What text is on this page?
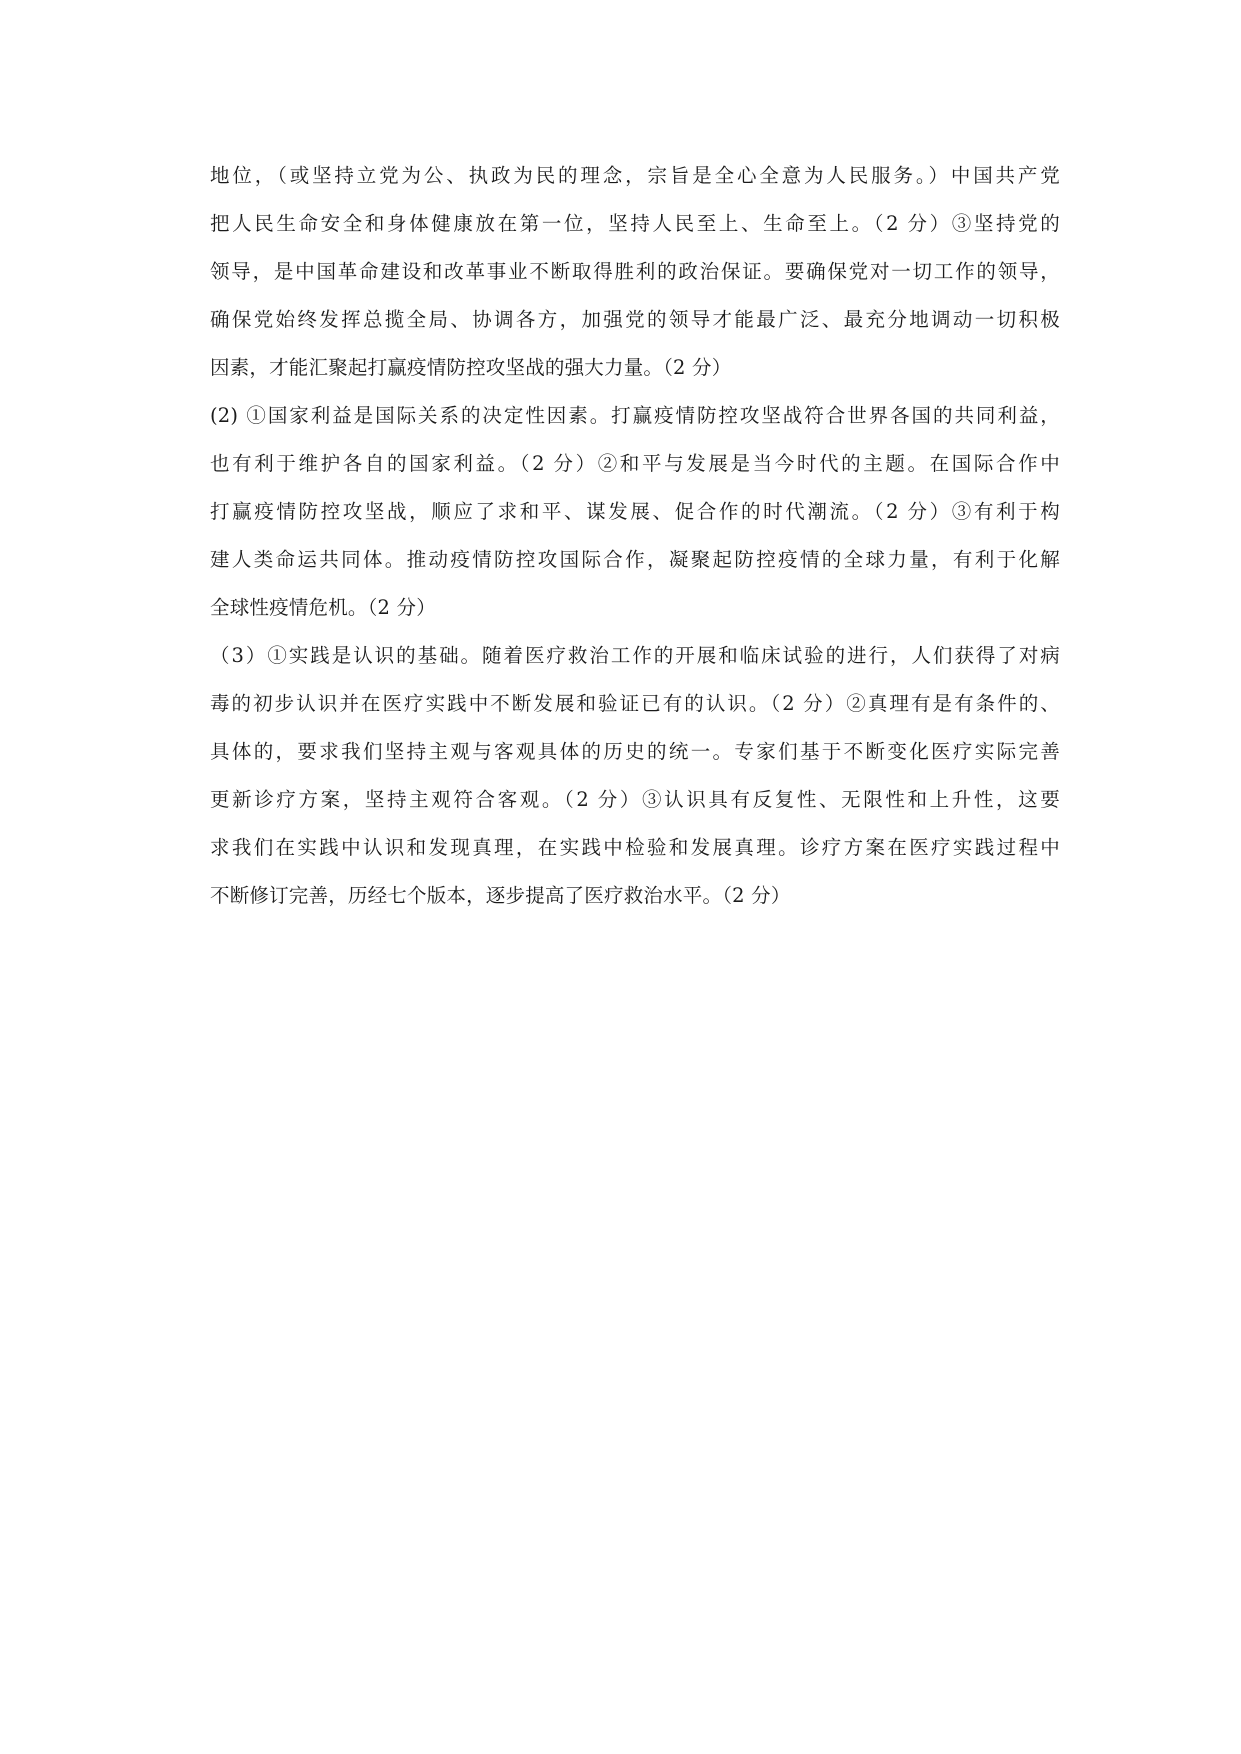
地位，（或坚持立党为公、执政为民的理念，宗旨是全心全意为人民服务。）中国共产党
把人民生命安全和身体健康放在第一位，坚持人民至上、生命至上。（2 分）③坚持党的
领导，是中国革命建设和改革事业不断取得胜利的政治保证。要确保党对一切工作的领导，
确保党始终发挥总揽全局、协调各方，加强党的领导才能最广泛、最充分地调动一切积极
因素，才能汇聚起打赢疫情防控攻坚战的强大力量。（2 分）
(2) ①国家利益是国际关系的决定性因素。打赢疫情防控攻坚战符合世界各国的共同利益，
也有利于维护各自的国家利益。（2 分）②和平与发展是当今时代的主题。在国际合作中
打赢疫情防控攻坚战，顺应了求和平、谋发展、促合作的时代潮流。（2 分）③有利于构
建人类命运共同体。推动疫情防控攻国际合作，凝聚起防控疫情的全球力量，有利于化解
全球性疫情危机。（2 分）
（3）①实践是认识的基础。随着医疗救治工作的开展和临床试验的进行，人们获得了对病
毒的初步认识并在医疗实践中不断发展和验证已有的认识。（2 分）②真理有是有条件的、
具体的，要求我们坚持主观与客观具体的历史的统一。专家们基于不断变化医疗实际完善
更新诊疗方案，坚持主观符合客观。（2 分）③认识具有反复性、无限性和上升性，这要
求我们在实践中认识和发现真理，在实践中检验和发展真理。诊疗方案在医疗实践过程中
不断修订完善，历经七个版本，逐步提高了医疗救治水平。（2 分）
